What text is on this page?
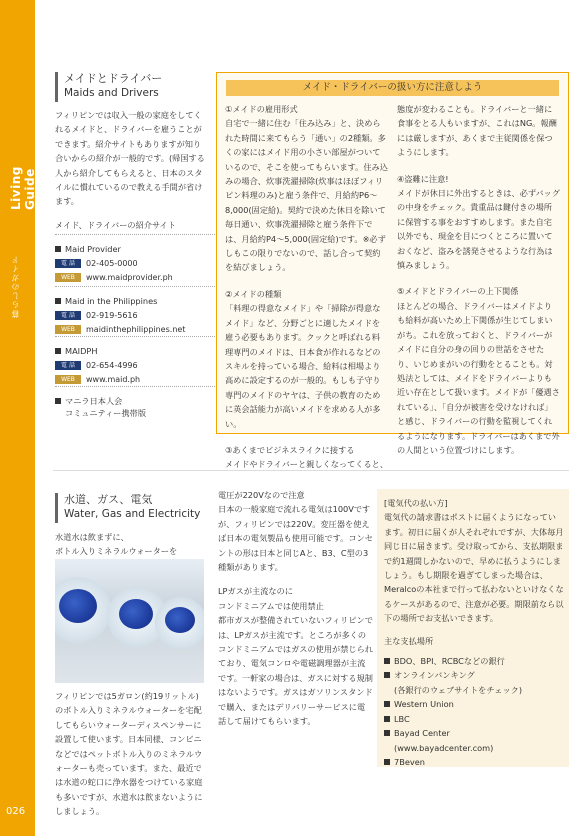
Living Guide
暮らしのガイド
026
メイドとドライバー
Maids and Drivers
フィリピンでは収入一般の家庭をしてくれるメイドと、ドライバーを雇うことができます。紹介サイトもありますが知り合いからの紹介が一般的です。(帰国する人から紹介してもらえると、日本のスタイルに慣れているので教える手間が省けます。
メイド、ドライバーの紹介サイト
Maid Provider
電 話	02-405-0000
WEB	www.maidprovider.ph
Maid in the Philippines
電 話	02-919-5616
WEB	maidinthephilippines.net
MAIDPH
電 話	02-654-4996
WEB	www.maid.ph
マニラ日本人会
コミュニティー携帯版
メイド・ドライバーの扱い方に注意しよう
①メイドの雇用形式
自宅で一緒に住む「住み込み」と、決められた時間に来てもらう「通い」の2種類。多くの家にはメイド用の小さい部屋がついているので、そこを使ってもらいます。住み込みの場合、炊事洗濯掃除(炊事はほぼフィリピン料理のみ)と雇う条件で、月給約P6〜8,000(固定給)。契約で決めた休日を除いて毎日通い、炊事洗濯掃除と雇う条件下では、月給約P4〜5,000(固定給)です。※必ずしもこの限りでないので、話し合って契約を結びましょう。
②メイドの種類
「料理の得意なメイド」や「掃除が得意なメイド」など、分野ごとに適したメイドを雇う必要もあります。クックと呼ばれる料理専門のメイドは、日本食が作れるなどのスキルを持っている場合、給料は相場より高めに設定するのが一般的。もしも子守り専門のメイドのヤヤは、子供の教育のために英会話能力が高いメイドを求める人が多い。
③あくまでビジネスライクに接する
メイドやドライバーと親しくなってくると、
態度が変わることも。ドライバーと一緒に食事をとる人もいますが、これはNG。報酬には厳しますが、あくまで主従関係を保つようにします。
④盗難に注意!
メイドが休日に外出するときは、必ずバッグの中身をチェック。貴重品は鍵付きの場所に保管する事をおすすめします。また自宅以外でも、現金を目につくところに置いておくなど、盗みを誘発させるような行為は慎みましょう。
⑤メイドとドライバーの上下関係
ほとんどの場合、ドライバーはメイドよりも給料が高いため上下関係が生じてしまいがち。これを放っておくと、ドライバーがメイドに自分の身の回りの世話をさせたり、いじめまがいの行動をとることも。対処法としては、メイドをドライバーよりも近い存在として扱います。メイドが「優遇されている」、「自分が被害を受けなければ」と感じ、ドライバーの行動を監視してくれるようになります。ドライバーはあくまで外の人間という位置づけにします。
水道、ガス、電気
Water, Gas and Electricity
水道水は飲まずに、
ボトル入りミネラルウォーターを
フィリピンでは5ガロン(約19リットル)のボトル入りミネラルウォーターを宅配してもらいウォーターディスペンサーに設置して使います。日本同様、コンビニなどではペットボトル入りのミネラルウォーターも売っています。また、最近では水道の蛇口に浄水器をつけている家庭も多いですが、水道水は飲まないようにしましょう。
電圧が220Vなので注意
日本の一般家庭で流れる電気は100Vですが、フィリピンでは220V。変圧器を使えば日本の電気製品も使用可能です。コンセントの形は日本と同じAと、B3、C型の3種類があります。
LPガスが主流なのに
コンドミニアムでは使用禁止
都市ガスが整備されていないフィリピンでは、LPガスが主流です。ところが多くのコンドミニアムではガスの使用が禁じられており、電気コンロや電磁調理器が主流です。一軒家の場合は、ガスに対する規制はないようです。ガスはガソリンスタンドで購入、またはデリバリーサービスに電話して届けてもらいます。
[電気代の払い方]
電気代の請求書はポストに届くようになっています。初日に届くが人それぞれですが、大体毎月同じ日に届きます。受け取ってから、支払期限まで約1週間しかないので、早めに払うようにしましょう。もし期限を過ぎてしまった場合は、Meralcoの本社まで行って払わないといけなくなるケースがあるので、注意が必要。期限前なら以下の場所でお支払いできます。
主な支払場所
BDO、BPI、RCBCなどの銀行
オンラインバンキング
(各銀行のウェブサイトをチェック)
Western Union
LBC
Bayad Center
(www.bayadcenter.com)
7Beven
